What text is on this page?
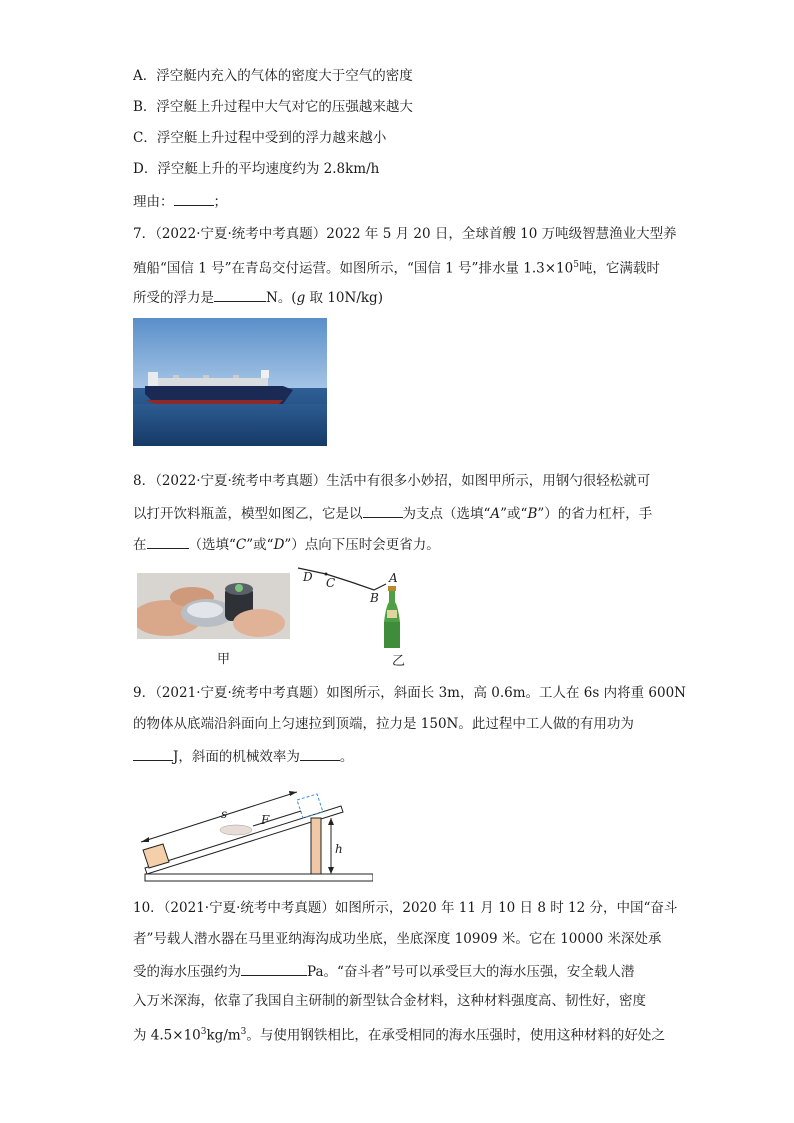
A．浮空艇内充入的气体的密度大于空气的密度
B．浮空艇上升过程中大气对它的压强越来越大
C．浮空艇上升过程中受到的浮力越来越小
D．浮空艇上升的平均速度约为 2.8km/h
理由：	；
7．（2022·宁夏·统考中考真题）2022 年 5 月 20 日，全球首艘 10 万吨级智慧渔业大型养
殖船“国信 1 号”在青岛交付运营。如图所示，“国信 1 号”排水量 $1.3\times 10^5$吨，它满载时
所受的浮力是	N。(g 取 10N/kg)
8．（2022·宁夏·统考中考真题）生活中有很多小妙招，如图甲所示，用钢勺很轻松就可
以打开饮料瓶盖，模型如图乙，它是以	为支点（选填“A”或“B”）的省力杠杆，手
在	（选填“C”或“D”）点向下压时会更省力。
甲
D C
B
A
乙
9．（2021·宁夏·统考中考真题）如图所示，斜面长 3m，高 0.6m。工人在 6s 内将重 600N
的物体从底端沿斜面向上匀速拉到顶端，拉力是 150N。此过程中工人做的有用功为
J，斜面的机械效率为	。
s	F
h
10．（2021·宁夏·统考中考真题）如图所示，2020 年 11 月 10 日 8 时 12 分，中国“奋斗
者”号载人潜水器在马里亚纳海沟成功坐底，坐底深度 10909 米。它在 10000 米深处承
受的海水压强约为	Pa。“奋斗者”号可以承受巨大的海水压强，安全载人潜
入万米深海，依靠了我国自主研制的新型钛合金材料，这种材料强度高、韧性好，密度
为 $4.5\times 10^3kg/m^3$。与使用钢铁相比，在承受相同的海水压强时，使用这种材料的好处之
